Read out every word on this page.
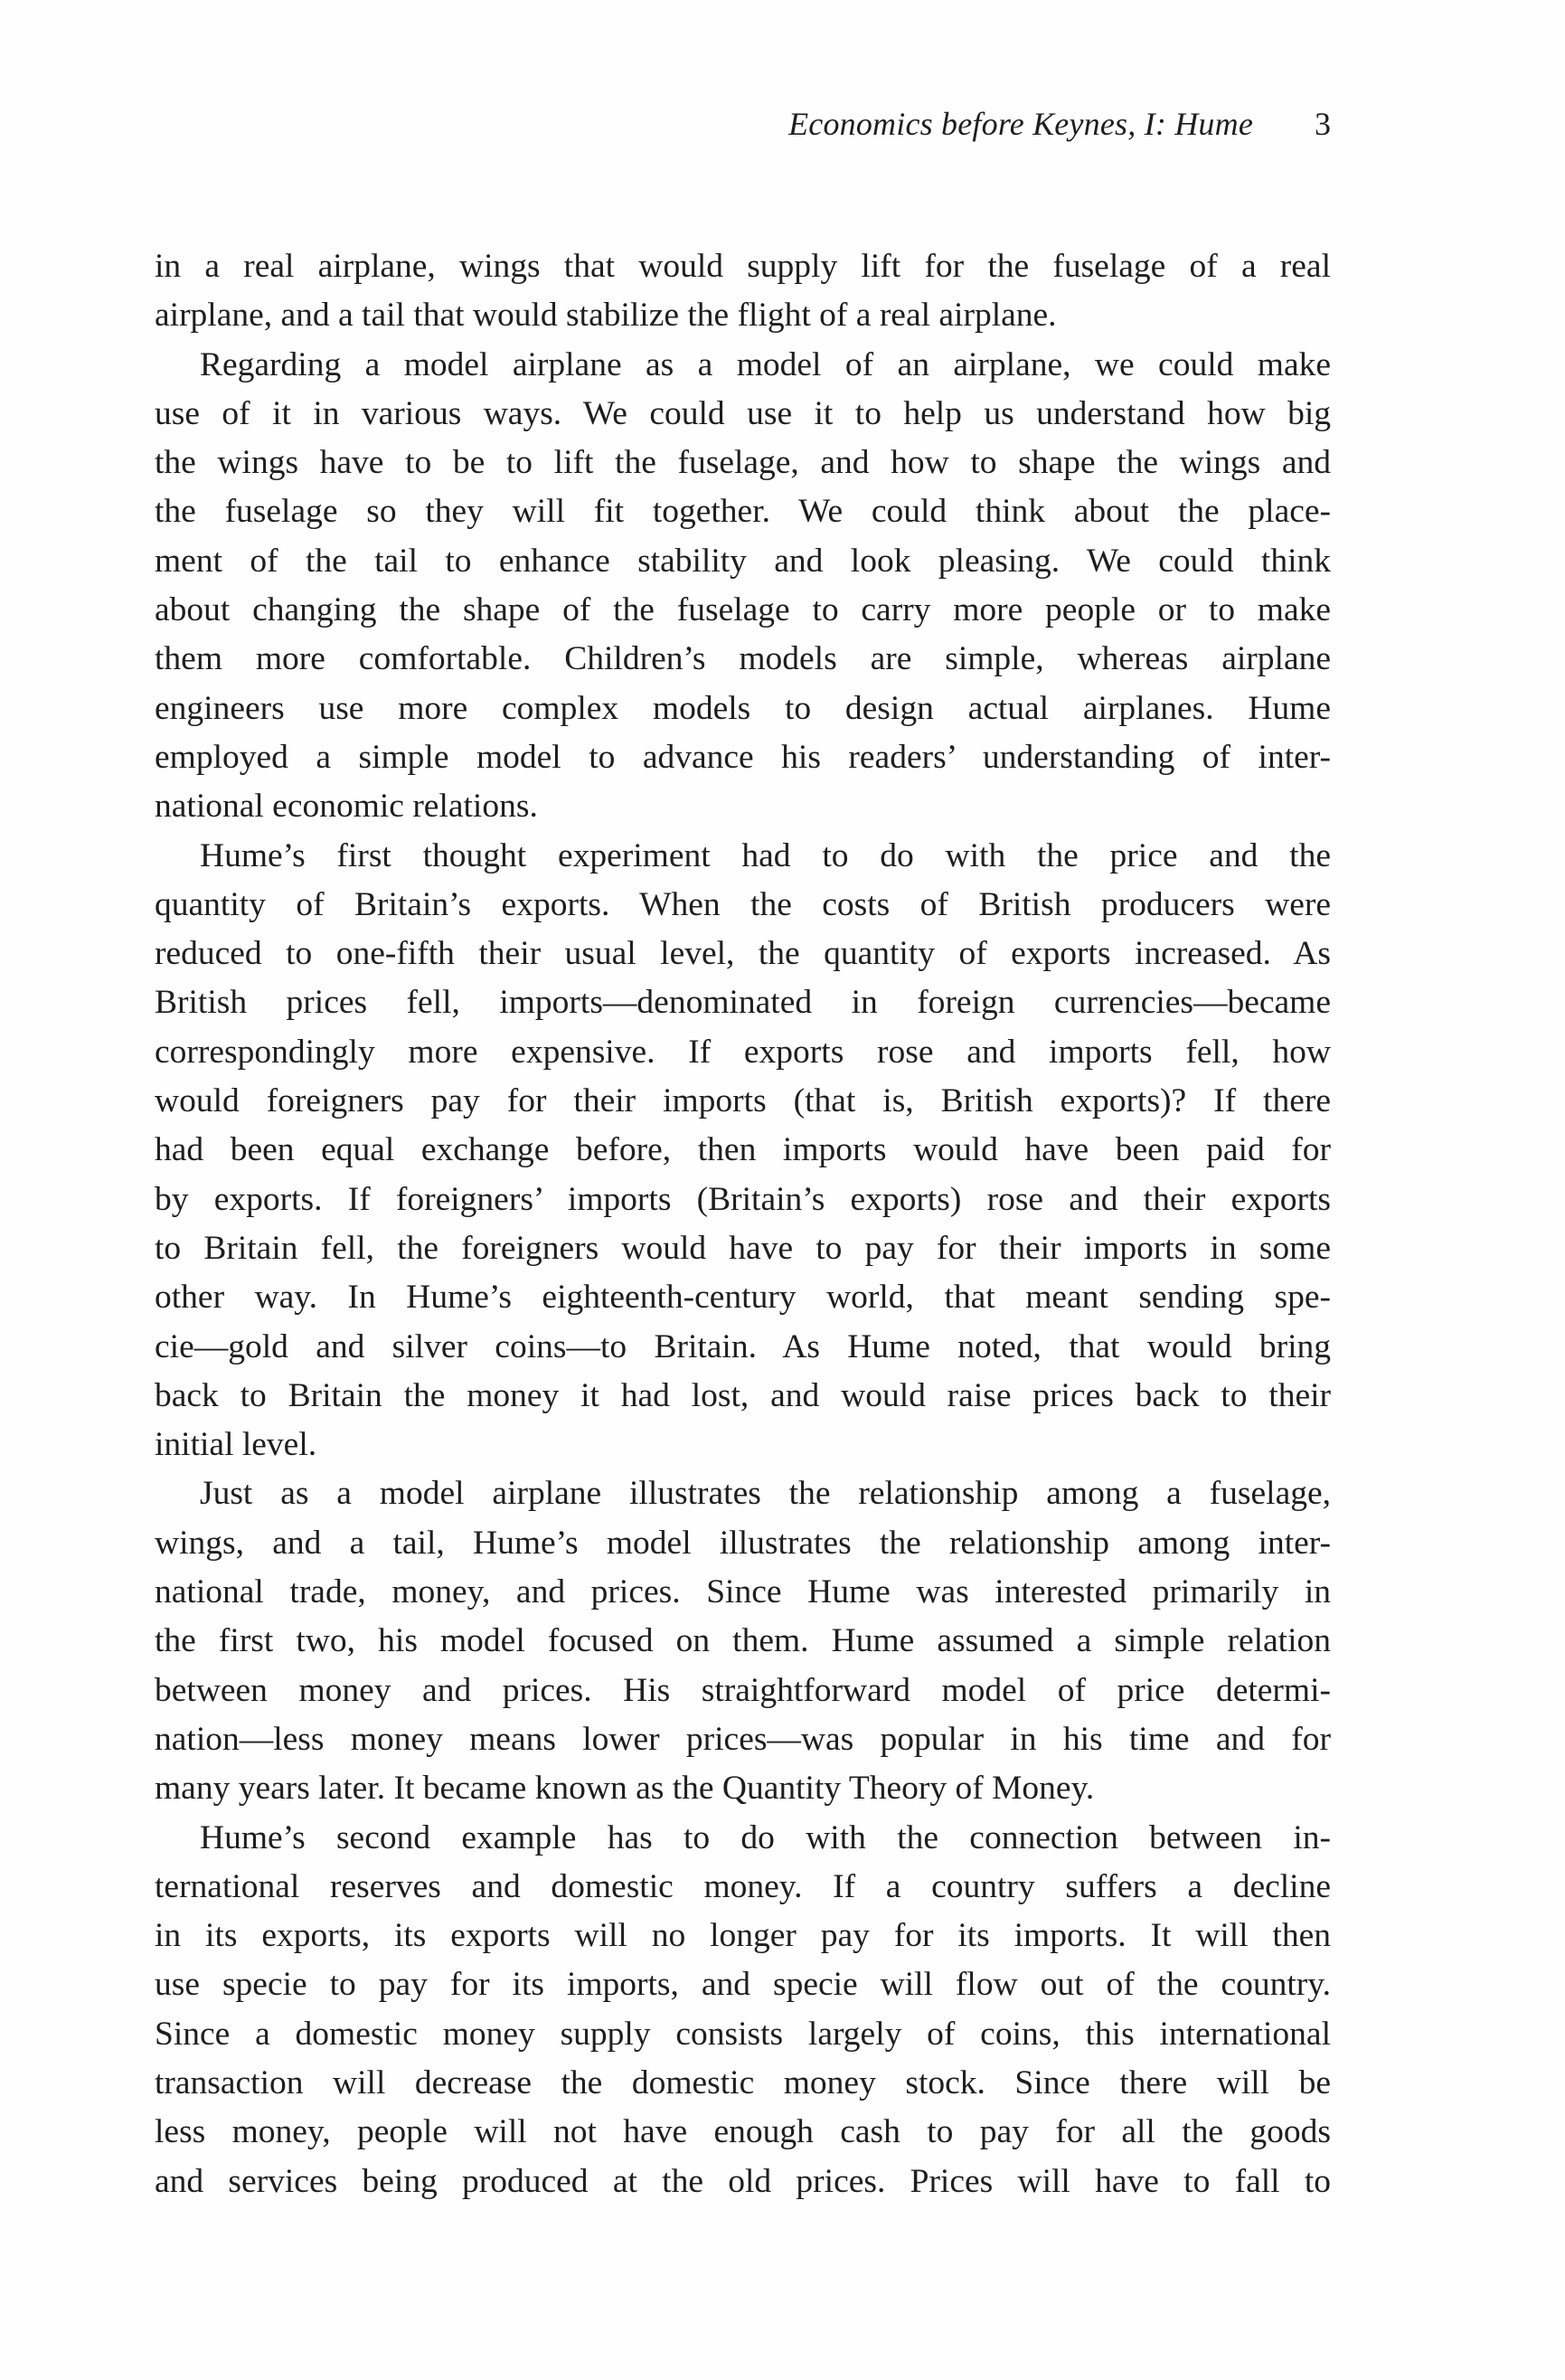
Economics before Keynes, I: Hume 3
in a real airplane, wings that would supply lift for the fuselage of a real
airplane, and a tail that would stabilize the flight of a real airplane.
Regarding a model airplane as a model of an airplane, we could make
use of it in various ways. We could use it to help us understand how big
the wings have to be to lift the fuselage, and how to shape the wings and
the fuselage so they will fit together. We could think about the place-
ment of the tail to enhance stability and look pleasing. We could think
about changing the shape of the fuselage to carry more people or to make
them more comfortable. Children’s models are simple, whereas airplane
engineers use more complex models to design actual airplanes. Hume
employed a simple model to advance his readers’ understanding of inter-
national economic relations.
Hume’s first thought experiment had to do with the price and the
quantity of Britain’s exports. When the costs of British producers were
reduced to one-fifth their usual level, the quantity of exports increased. As
British prices fell, imports—denominated in foreign currencies—became
correspondingly more expensive. If exports rose and imports fell, how
would foreigners pay for their imports (that is, British exports)? If there
had been equal exchange before, then imports would have been paid for
by exports. If foreigners’ imports (Britain’s exports) rose and their exports
to Britain fell, the foreigners would have to pay for their imports in some
other way. In Hume’s eighteenth-century world, that meant sending spe-
cie—gold and silver coins—to Britain. As Hume noted, that would bring
back to Britain the money it had lost, and would raise prices back to their
initial level.
Just as a model airplane illustrates the relationship among a fuselage,
wings, and a tail, Hume’s model illustrates the relationship among inter-
national trade, money, and prices. Since Hume was interested primarily in
the first two, his model focused on them. Hume assumed a simple relation
between money and prices. His straightforward model of price determi-
nation—less money means lower prices—was popular in his time and for
many years later. It became known as the Quantity Theory of Money.
Hume’s second example has to do with the connection between in-
ternational reserves and domestic money. If a country suffers a decline
in its exports, its exports will no longer pay for its imports. It will then
use specie to pay for its imports, and specie will flow out of the country.
Since a domestic money supply consists largely of coins, this international
transaction will decrease the domestic money stock. Since there will be
less money, people will not have enough cash to pay for all the goods
and services being produced at the old prices. Prices will have to fall to
